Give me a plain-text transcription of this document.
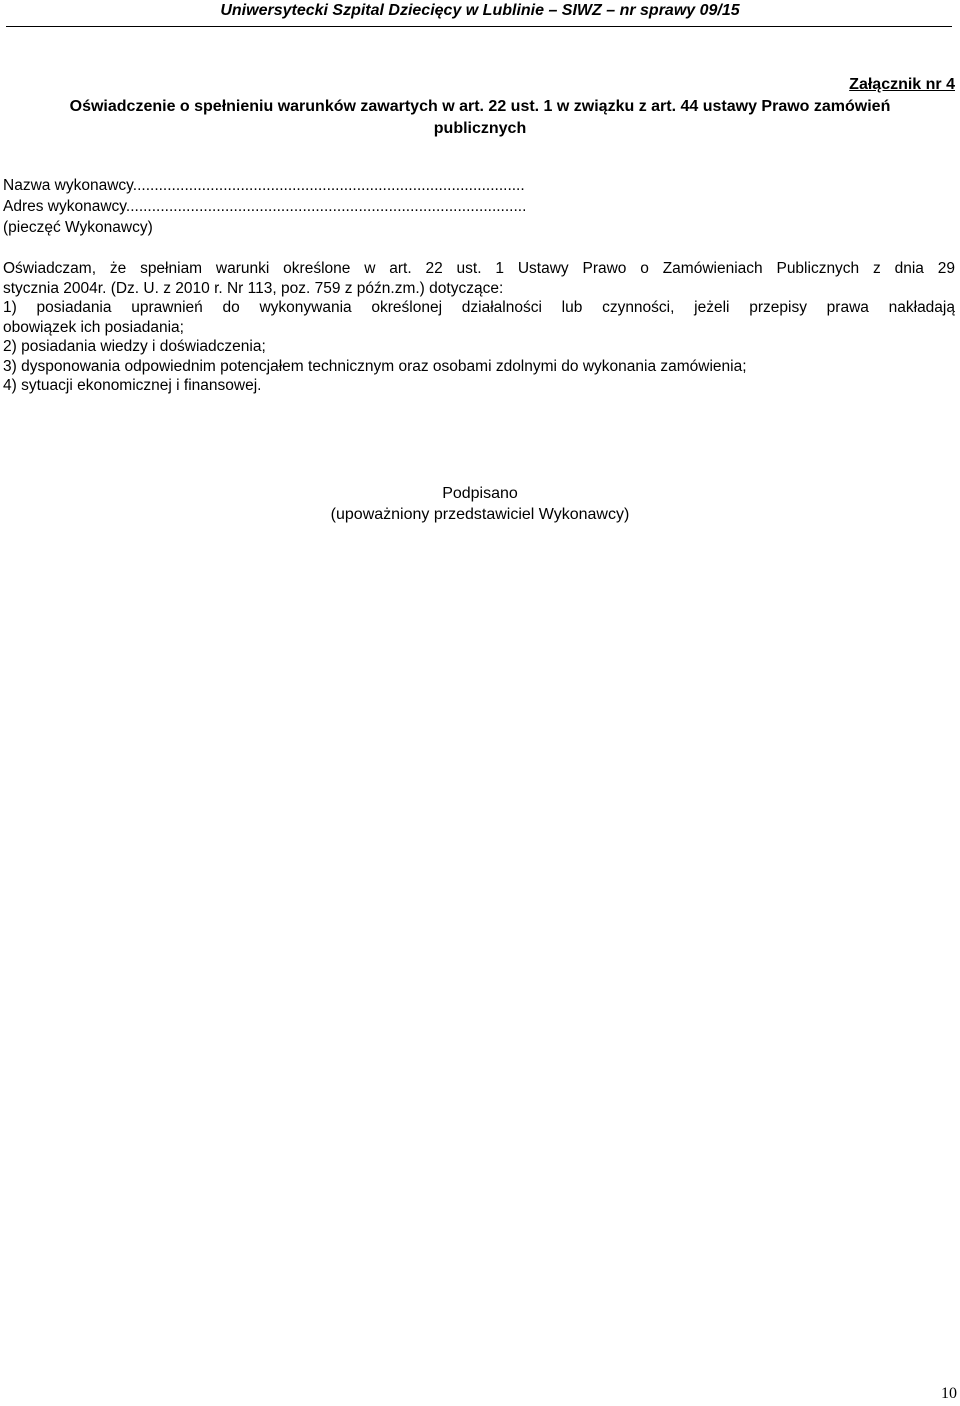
Uniwersytecki Szpital Dziecięcy w Lublinie – SIWZ – nr sprawy 09/15
Załącznik nr 4
Oświadczenie o spełnieniu warunków zawartych w art. 22 ust. 1 w związku z art. 44 ustawy Prawo zamówień
publicznych
Nazwa wykonawcy...........................................................................................
Adres wykonawcy.............................................................................................
(pieczęć Wykonawcy)
Oświadczam, że spełniam warunki określone w art. 22 ust. 1 Ustawy Prawo o Zamówieniach Publicznych z dnia 29
stycznia 2004r. (Dz. U. z 2010 r. Nr 113, poz. 759 z późn.zm.) dotyczące:
1) posiadania uprawnień do wykonywania określonej działalności lub czynności, jeżeli przepisy prawa nakładają
obowiązek ich posiadania;
2) posiadania wiedzy i doświadczenia;
3) dysponowania odpowiednim potencjałem technicznym oraz osobami zdolnymi do wykonania zamówienia;
4) sytuacji ekonomicznej i finansowej.
Podpisano
(upoważniony przedstawiciel Wykonawcy)
10
